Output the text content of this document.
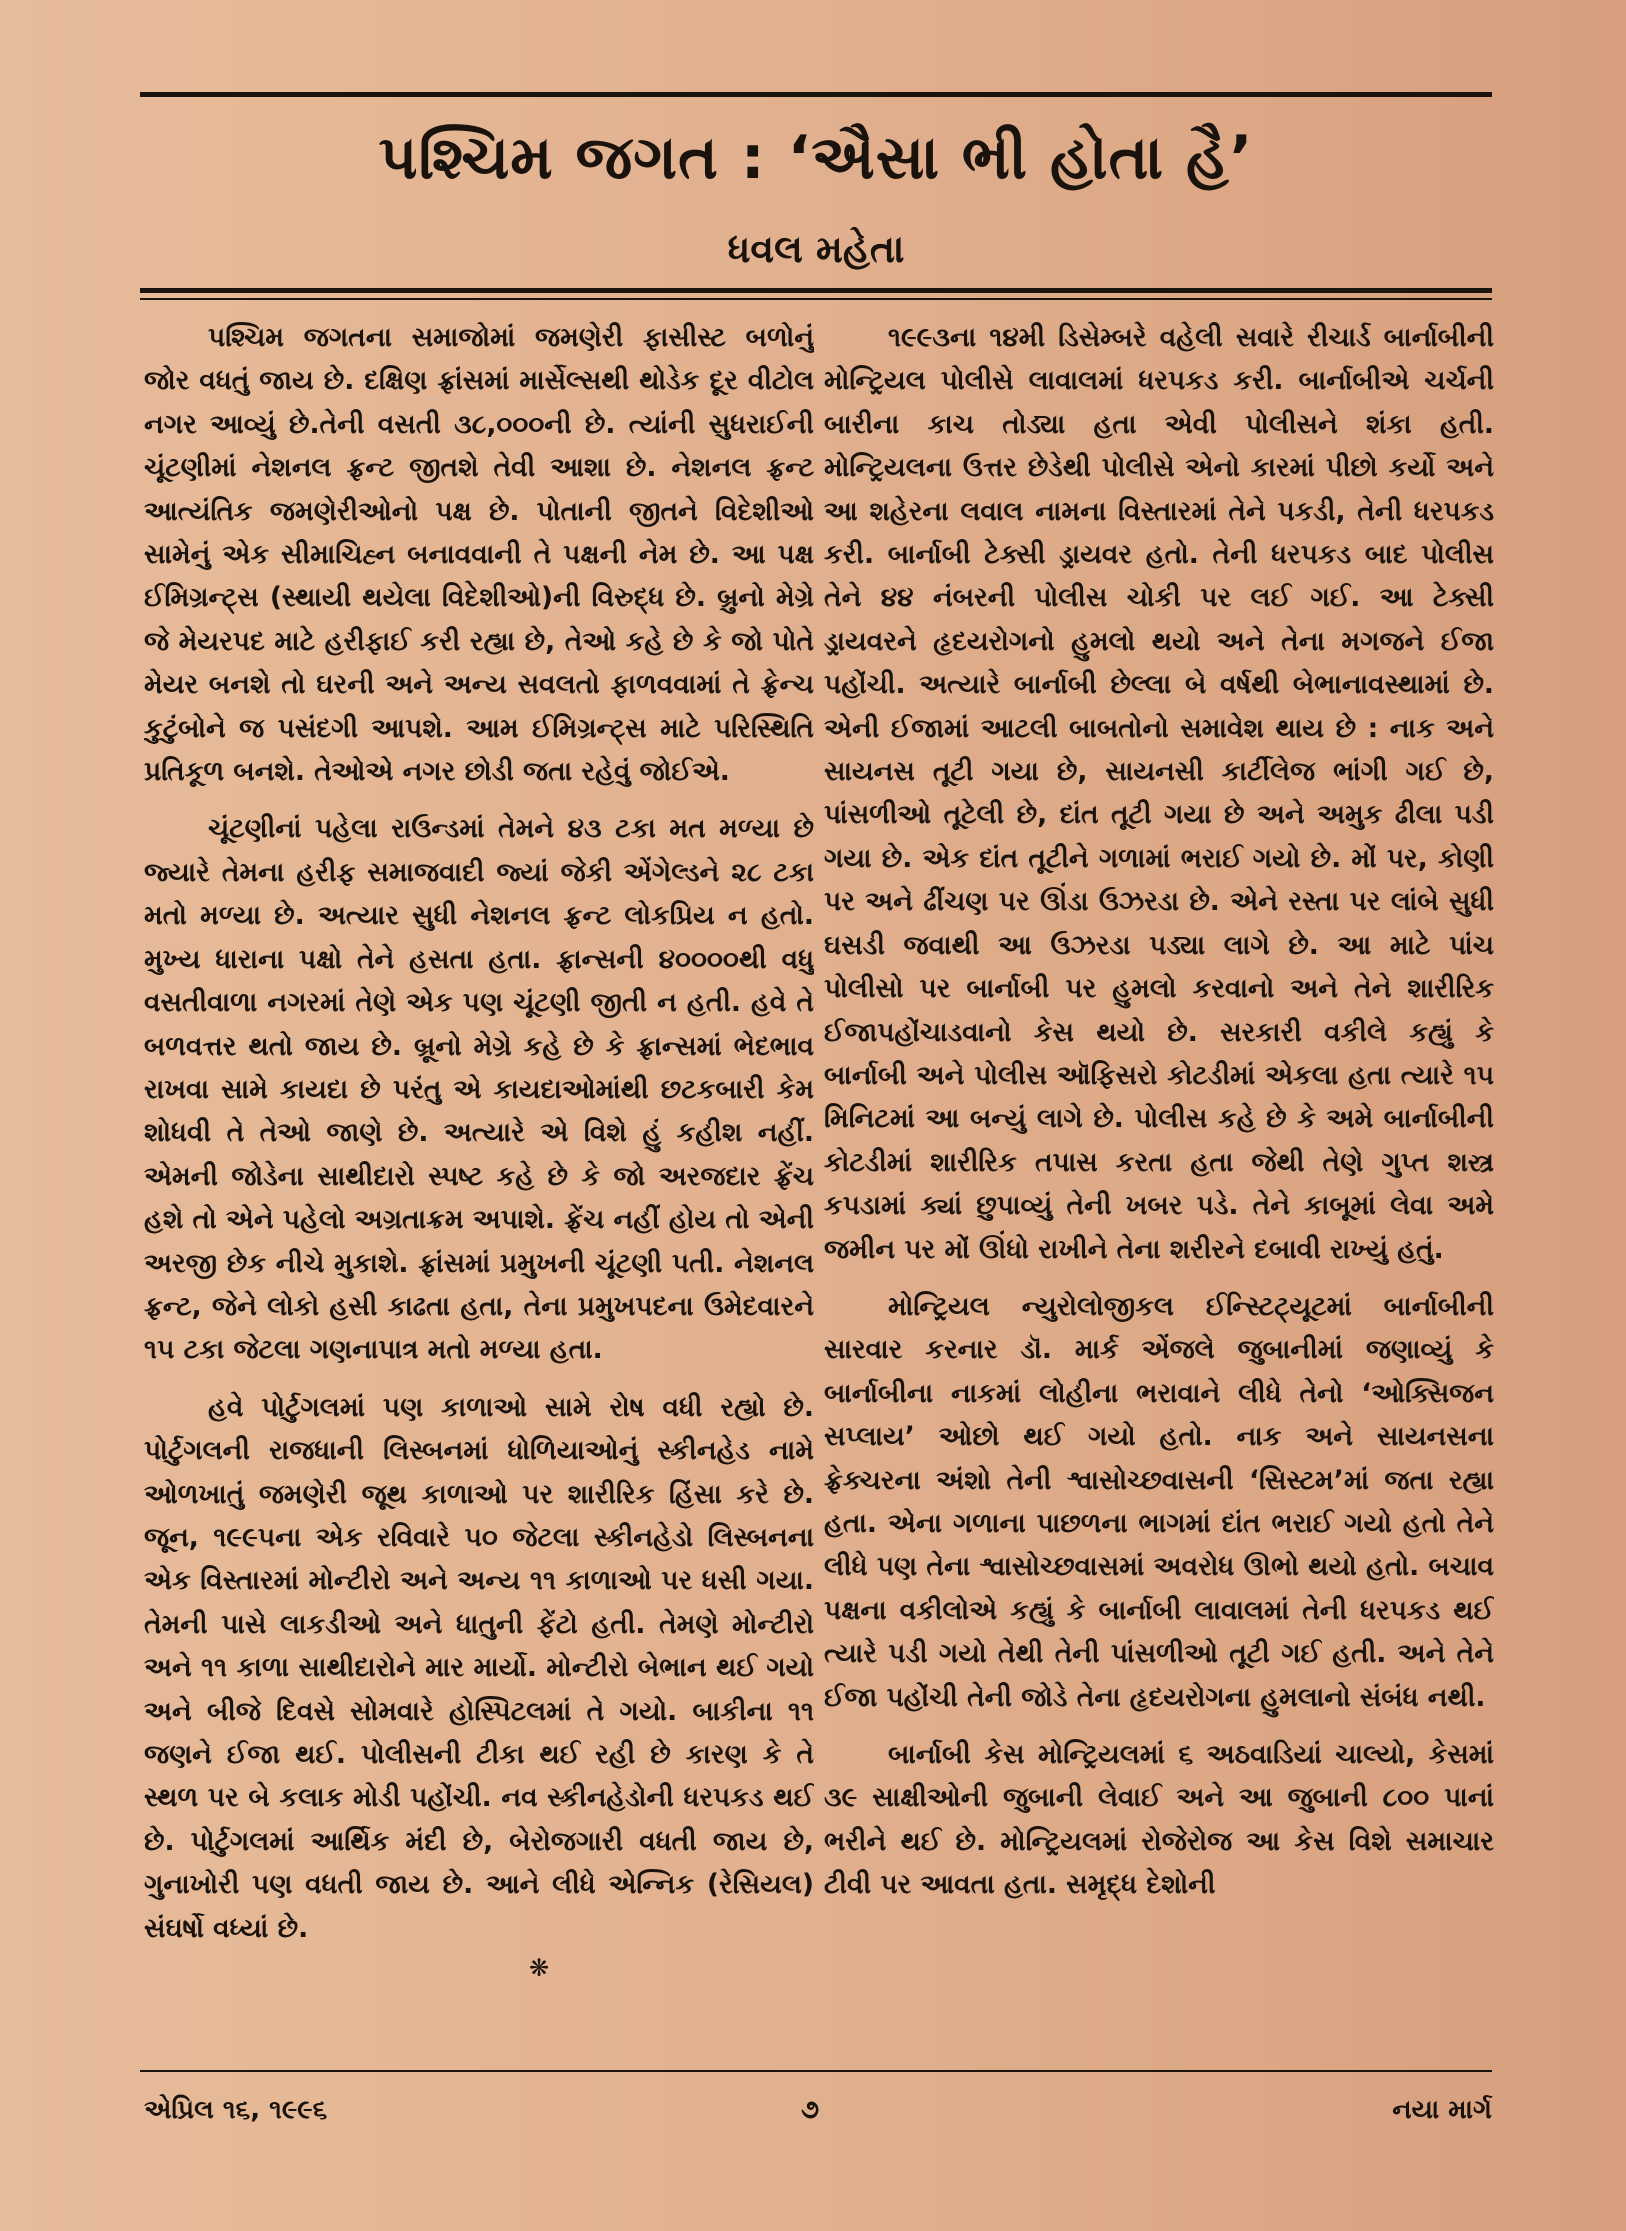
પશ્ચિમ જગત : ‘ઐસા ભી હોતા હૈ’
ધવલ મહેતા

પશ્ચિમ જગતના સમાજોમાં જમણેરી ફાસીસ્ટ બળોનું જોર વધતું જાય છે. દક્ષિણ ફ્રાંસમાં માર્સેલ્સથી થોડેક દૂર વીટોલ નગર આવ્યું છે.તેની વસતી ૩૮,૦૦૦ની છે. ત્યાંની સુધરાઈની ચૂંટણીમાં નેશનલ ફ્રન્ટ જીતશે તેવી આશા છે. નેશનલ ફ્રન્ટ આત્યંતિક જમણેરીઓનો પક્ષ છે. પોતાની જીતને વિદેશીઓ સામેનું એક સીમાચિહ્ન બનાવવાની તે પક્ષની નેમ છે. આ પક્ષ ઈમિગ્રન્ટ્સ (સ્થાયી થયેલા વિદેશીઓ)ની વિરુદ્ધ છે. બ્રુનો મેગ્રે જે મેયરપદ માટે હરીફાઈ કરી રહ્યા છે, તેઓ કહે છે કે જો પોતે મેયર બનશે તો ઘરની અને અન્ય સવલતો ફાળવવામાં તે ફ્રેન્ચ કુટુંબોને જ પસંદગી આપશે. આમ ઈમિગ્રન્ટ્સ માટે પરિસ્થિતિ પ્રતિકૂળ બનશે. તેઓએ નગર છોડી જતા રહેવું જોઈએ.

ચૂંટણીનાં પહેલા રાઉન્ડમાં તેમને ૪૩ ટકા મત મળ્યા છે જ્યારે તેમના હરીફ સમાજવાદી જ્યાં જેકી એંગેલ્ડને ૨૮ ટકા મતો મળ્યા છે. અત્યાર સુધી નેશનલ ફ્રન્ટ લોકપ્રિય ન હતો. મુખ્ય ધારાના પક્ષો તેને હસતા હતા. ફ્રાન્સની ૪૦૦૦૦થી વધુ વસતીવાળા નગરમાં તેણે એક પણ ચૂંટણી જીતી ન હતી. હવે તે બળવત્તર થતો જાય છે. બ્રૂનો મેગ્રે કહે છે કે ફ્રાન્સમાં ભેદભાવ રાખવા સામે કાયદા છે પરંતુ એ કાયદાઓમાંથી છટકબારી કેમ શોધવી તે તેઓ જાણે છે. અત્યારે એ વિશે હું કહીશ નહીં. એમની જોડેના સાથીદારો સ્પષ્ટ કહે છે કે જો અરજદાર ફ્રેંચ હશે તો એને પહેલો અગ્રતાક્રમ અપાશે. ફ્રેંચ નહીં હોય તો એની અરજી છેક નીચે મુકાશે. ફ્રાંસમાં પ્રમુખની ચૂંટણી પતી. નેશનલ ફ્રન્ટ, જેને લોકો હસી કાઢતા હતા, તેના પ્રમુખપદના ઉમેદવારને ૧૫ ટકા જેટલા ગણનાપાત્ર મતો મળ્યા હતા.

હવે પોર્ટુગલમાં પણ કાળાઓ સામે રોષ વધી રહ્યો છે. પોર્ટુગલની રાજધાની લિસ્બનમાં ધોળિયાઓનું સ્કીનહેડ નામે ઓળખાતું જમણેરી જૂથ કાળાઓ પર શારીરિક હિંસા કરે છે. જૂન, ૧૯૯૫ના એક રવિવારે ૫૦ જેટલા સ્કીનહેડો લિસ્બનના એક વિસ્તારમાં મોન્ટીરો અને અન્ય ૧૧ કાળાઓ પર ધસી ગયા. તેમની પાસે લાકડીઓ અને ધાતુની ફેંટો હતી. તેમણે મોન્ટીરો અને ૧૧ કાળા સાથીદારોને માર માર્યો. મોન્ટીરો બેભાન થઈ ગયો અને બીજે દિવસે સોમવારે હોસ્પિટલમાં તે ગયો. બાકીના ૧૧ જણને ઈજા થઈ. પોલીસની ટીકા થઈ રહી છે કારણ કે તે સ્થળ પર બે કલાક મોડી પહોંચી. નવ સ્કીનહેડોની ધરપકડ થઈ છે. પોર્ટુગલમાં આર્થિક મંદી છે, બેરોજગારી વધતી જાય છે, ગુનાખોરી પણ વધતી જાય છે. આને લીધે એન્નિક (રેસિયલ) સંઘર્ષો વધ્યાં છે.

❋

૧૯૯૩ના ૧૪મી ડિસેમ્બરે વહેલી સવારે રીચાર્ડ બાર્નાબીની મોન્ટ્રિયલ પોલીસે લાવાલમાં ધરપકડ કરી. બાર્નાબીએ ચર્ચની બારીના કાચ તોડ્યા હતા એવી પોલીસને શંકા હતી. મોન્ટ્રિયલના ઉત્તર છેડેથી પોલીસે એનો કારમાં પીછો કર્યો અને આ શહેરના લવાલ નામના વિસ્તારમાં તેને પકડી, તેની ધરપકડ કરી. બાર્નાબી ટેક્સી ડ્રાયવર હતો. તેની ધરપકડ બાદ પોલીસ તેને ૪૪ નંબરની પોલીસ ચોકી પર લઈ ગઈ. આ ટેક્સી ડ્રાયવરને હૃદયરોગનો હુમલો થયો અને તેના મગજને ઈજા પહોંચી. અત્યારે બાર્નાબી છેલ્લા બે વર્ષથી બેભાનાવસ્થામાં છે. એની ઈજામાં આટલી બાબતોનો સમાવેશ થાય છે : નાક અને સાયનસ તૂટી ગયા છે, સાયનસી કાર્ટીલેજ ભાંગી ગઈ છે, પાંસળીઓ તૂટેલી છે, દાંત તૂટી ગયા છે અને અમુક ઢીલા પડી ગયા છે. એક દાંત તૂટીને ગળામાં ભરાઈ ગયો છે. મોં પર, કોણી પર અને ઢીંચણ પર ઊંડા ઉઝરડા છે. એને રસ્તા પર લાંબે સુધી ઘસડી જવાથી આ ઉઝરડા પડ્યા લાગે છે. આ માટે પાંચ પોલીસો પર બાર્નાબી પર હુમલો કરવાનો અને તેને શારીરિક ઈજાપહોંચાડવાનો કેસ થયો છે. સરકારી વકીલે કહ્યું કે બાર્નાબી અને પોલીસ ઑફિસરો કોટડીમાં એકલા હતા ત્યારે ૧૫ મિનિટમાં આ બન્યું લાગે છે. પોલીસ કહે છે કે અમે બાર્નાબીની કોટડીમાં શારીરિક તપાસ કરતા હતા જેથી તેણે ગુપ્ત શસ્ત્ર કપડામાં ક્યાં છુપાવ્યું તેની ખબર પડે. તેને કાબૂમાં લેવા અમે જમીન પર મોં ઊંધો રાખીને તેના શરીરને દબાવી રાખ્યું હતું.

મોન્ટ્રિયલ ન્યુરોલોજીકલ ઈન્સ્ટિટ્યૂટમાં બાર્નાબીની સારવાર કરનાર ડૉ. માર્ક એંજલે જુબાનીમાં જણાવ્યું કે બાર્નાબીના નાકમાં લોહીના ભરાવાને લીધે તેનો ‘ઓક્સિજન સપ્લાય’ ઓછો થઈ ગયો હતો. નાક અને સાયનસના ફ્રેક્ચરના અંશો તેની શ્વાસોચ્છવાસની ‘સિસ્ટમ’માં જતા રહ્યા હતા. એના ગળાના પાછળના ભાગમાં દાંત ભરાઈ ગયો હતો તેને લીધે પણ તેના શ્વાસોચ્છવાસમાં અવરોધ ઊભો થયો હતો. બચાવ પક્ષના વકીલોએ કહ્યું કે બાર્નાબી લાવાલમાં તેની ધરપકડ થઈ ત્યારે પડી ગયો તેથી તેની પાંસળીઓ તૂટી ગઈ હતી. અને તેને ઈજા પહોંચી તેની જોડે તેના હૃદયરોગના હુમલાનો સંબંધ નથી.

બાર્નાબી કેસ મોન્ટ્રિયલમાં ૬ અઠવાડિયાં ચાલ્યો, કેસમાં ૩૯ સાક્ષીઓની જુબાની લેવાઈ અને આ જુબાની ૮૦૦ પાનાં ભરીને થઈ છે. મોન્ટ્રિયલમાં રોજેરોજ આ કેસ વિશે સમાચાર ટીવી પર આવતા હતા. સમૃદ્ધ દેશોની

એપ્રિલ ૧૬, ૧૯૯૬	૭	નયા માર્ગ
